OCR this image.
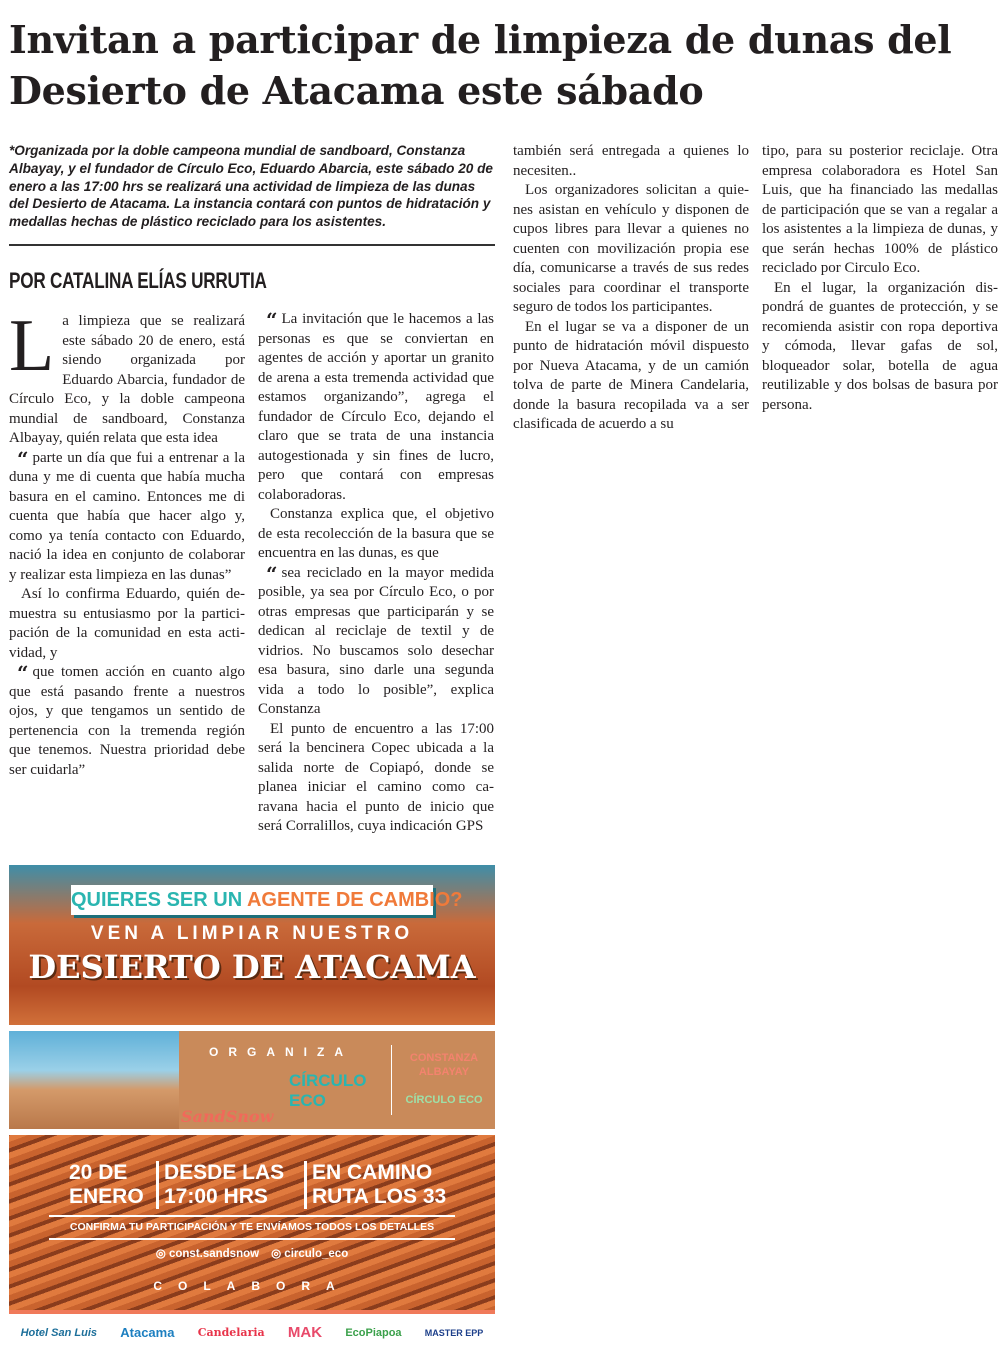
Invitan a participar de limpieza de dunas del Desierto de Atacama este sábado
*Organizada por la doble campeona mundial de sandboard, Constanza Albayay, y el fundador de Círculo Eco, Eduardo Abarcia, este sábado 20 de enero a las 17:00 hrs se realizará una actividad de limpieza de las dunas del Desierto de Atacama. La instancia contará con puntos de hidratación y medallas hechas de plástico reciclado para los asistentes.
POR CATALINA ELÍAS URRUTIA

La limpieza que se realizará este sábado 20 de enero, está siendo organizada por Eduardo Abarcia, fundador de Círculo Eco, y la doble campeona mundial de sandboard, Constanza Albayay, quién relata que esta idea

“ parte un día que fui a entrenar a la duna y me di cuenta que había mucha basura en el camino. Entonces me di cuenta que había que hacer algo y, como ya tenía contacto con Eduardo, nació la idea en conjunto de colaborar y realizar esta limpieza en las dunas”

Así lo confirma Eduardo, quién demuestra su entusiasmo por la participación de la comunidad en esta actividad, y

“ que tomen acción en cuanto algo que está pasando frente a nuestros ojos, y que tengamos un sentido de pertenencia con la tremenda región que tenemos. Nuestra prioridad debe ser cuidarla”

“ La invitación que le hacemos a las personas es que se conviertan en agentes de acción y aportar un granito de arena a esta tremenda actividad que estamos organizando”, agrega el fundador de Círculo Eco, dejando el claro que se trata de una instancia autogestionada y sin fines de lucro, pero que contará con empresas colaboradoras.

Constanza explica que, el objetivo de esta recolección de la basura que se encuentra en las dunas, es que

“ sea reciclado en la mayor medida posible, ya sea por Círculo Eco, o por otras empresas que participarán y se dedican al reciclaje de textil y de vidrios. No buscamos solo desechar esa basura, sino darle una segunda vida a todo lo posible”, explica Constanza

El punto de encuentro a las 17:00 será la bencinera Copec ubicada a la salida norte de Copiapó, donde se planea iniciar el camino como caravana hacia el punto de inicio que será Corralillos, cuya indicación GPS

también será entregada a quienes lo necesiten..

Los organizadores solicitan a quienes asistan en vehículo y disponen de cupos libres para llevar a quienes no cuenten con movilización propia ese día, comunicarse a través de sus redes sociales para coordinar el transporte seguro de todos los participantes.

En el lugar se va a disponer de un punto de hidratación móvil dispuesto por Nueva Atacama, y de un camión tolva de parte de Minera Candelaria, donde la basura recopilada va a ser clasificada de acuerdo a su

tipo, para su posterior reciclaje. Otra empresa colaboradora es Hotel San Luis, que ha financiado las medallas de participación que se van a regalar a los asistentes a la limpieza de dunas, y que serán hechas 100% de plástico reciclado por Circulo Eco.

En el lugar, la organización dispondrá de guantes de protección, y se recomienda asistir con ropa deportiva y cómoda, llevar gafas de sol, bloqueador solar, botella de agua reutilizable y dos bolsas de basura por persona.

QUIERES SER UN AGENTE DE CAMBIO?
VEN A LIMPIAR NUESTRO
DESIERTO DE ATACAMA
ORGANIZA
SandSnow
CÍRCULO ECO
CONSTANZA ALBAYAY
CÍRCULO ECO
20 DE ENERO
DESDE LAS 17:00 HRS
EN CAMINO RUTA LOS 33
CONFIRMA TU PARTICIPACIÓN Y TE ENVÍAMOS TODOS LOS DETALLES
◎ const.sandsnow ◎ circulo_eco
COLABORA
Hotel San Luis Atacama Candelaria MAK EcoPiapoa	MASTER EPP
